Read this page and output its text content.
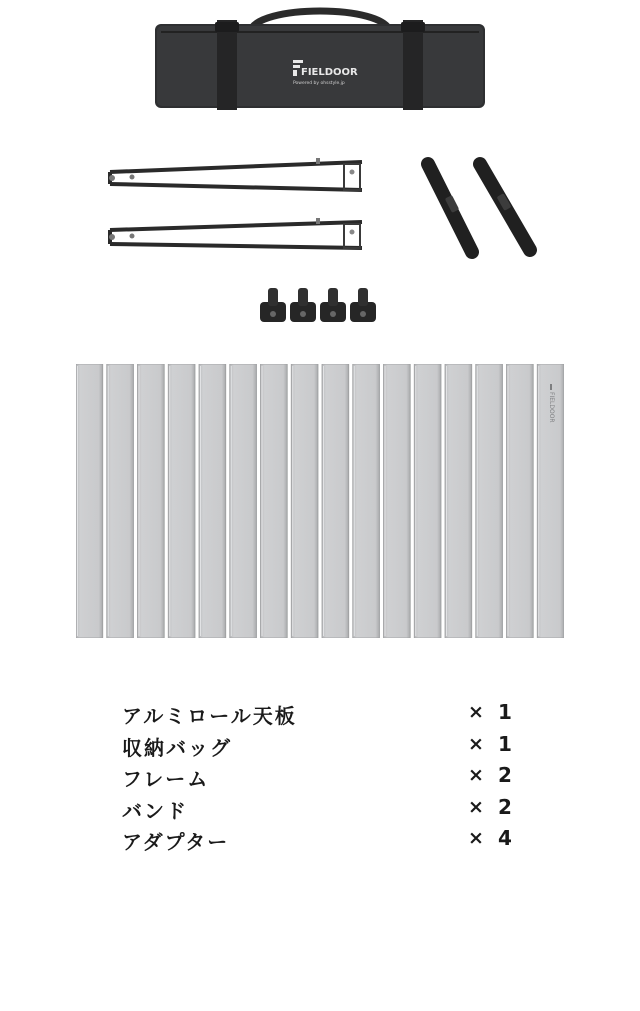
FIELDOOR
Powered by ohsstyle.jp
FIELDOOR
アルミロール天板	× 1
収納バッグ	× 1
フレーム	× 2
バンド	× 2
アダプター	× 4
